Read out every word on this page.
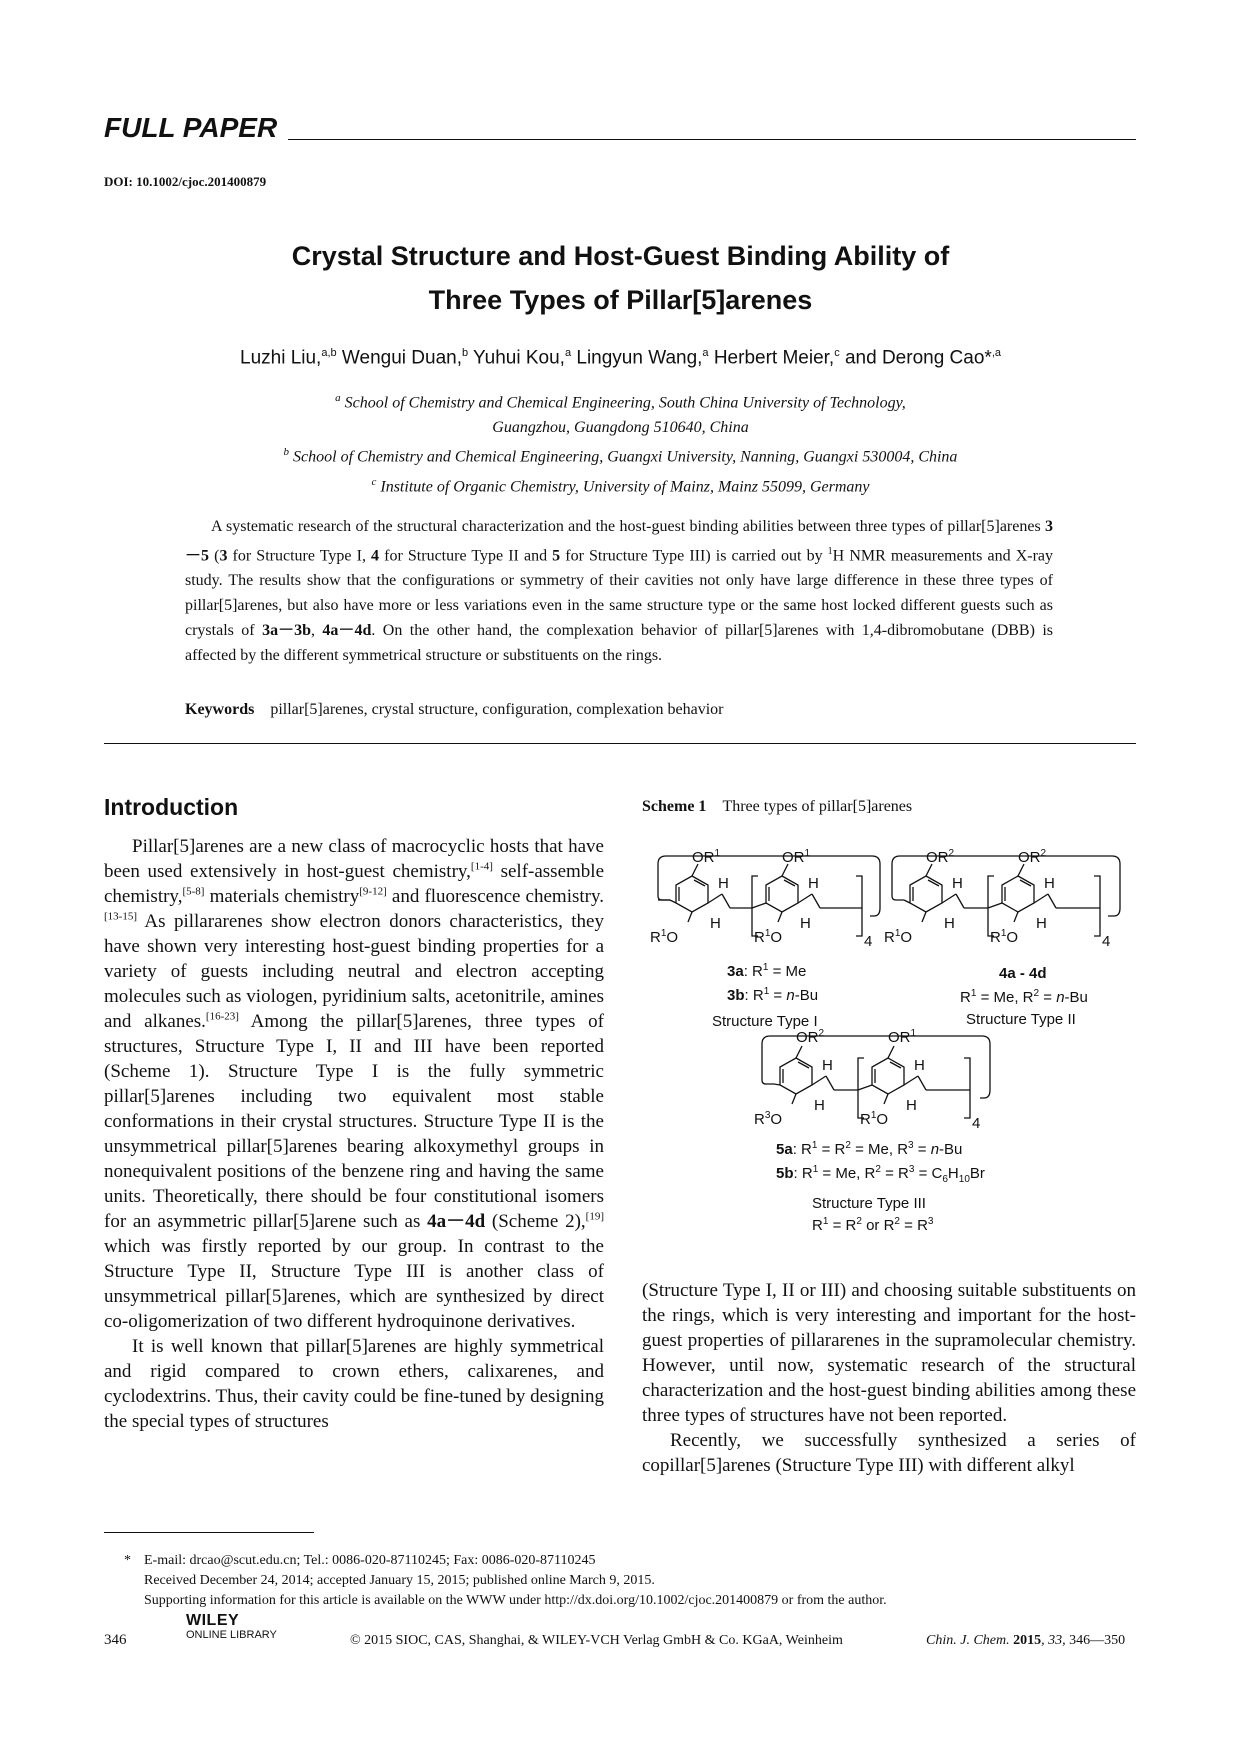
FULL PAPER
DOI: 10.1002/cjoc.201400879
Crystal Structure and Host-Guest Binding Ability of
Three Types of Pillar[5]arenes
Luzhi Liu,$^{a,b}$ Wengui Duan,$^b$ Yuhui Kou,$^a$ Lingyun Wang,$^a$ Herbert Meier,$^c$ and Derong Cao*$^{,a}$
$^a$ School of Chemistry and Chemical Engineering, South China University of Technology,
Guangzhou, Guangdong 510640, China
$^b$ School of Chemistry and Chemical Engineering, Guangxi University, Nanning, Guangxi 530004, China
$^c$ Institute of Organic Chemistry, University of Mainz, Mainz 55099, Germany
A systematic research of the structural characterization and the host-guest binding abilities between three types of pillar[5]arenes 3－5 (3 for Structure Type I, 4 for Structure Type II and 5 for Structure Type III) is carried out by $^1$H NMR measurements and X-ray study. The results show that the configurations or symmetry of their cavities not only have large difference in these three types of pillar[5]arenes, but also have more or less variations even in the same structure type or the same host locked different guests such as crystals of 3a－3b, 4a－4d. On the other hand, the complexation behavior of pillar[5]arenes with 1,4-dibromobutane (DBB) is affected by the different symmetrical structure or substituents on the rings.
Keywords pillar[5]arenes, crystal structure, configuration, complexation behavior
Introduction

Pillar[5]arenes are a new class of macrocyclic hosts that have been used extensively in host-guest chemistry,[1-4] self-assemble chemistry,[5-8] materials chemistry[9-12] and fluorescence chemistry.[13-15] As pillararenes show electron donors characteristics, they have shown very interesting host-guest binding properties for a variety of guests including neutral and electron accepting molecules such as viologen, pyridinium salts, acetonitrile, amines and alkanes.[16-23] Among the pillar[5]arenes, three types of structures, Structure Type I, II and III have been reported (Scheme 1). Structure Type I is the fully symmetric pillar[5]arenes including two equivalent most stable conformations in their crystal structures. Structure Type II is the unsymmetrical pillar[5]arenes bearing alkoxymethyl groups in nonequivalent positions of the benzene ring and having the same units. Theoretically, there should be four constitutional isomers for an asymmetric pillar[5]arene such as 4a－4d (Scheme 2),[19] which was firstly reported by our group. In contrast to the Structure Type II, Structure Type III is another class of unsymmetrical pillar[5]arenes, which are synthesized by direct co-oligomerization of two different hydroquinone derivatives.

It is well known that pillar[5]arenes are highly symmetrical and rigid compared to crown ethers, calixarenes, and cyclodextrins. Thus, their cavity could be fine-tuned by designing the special types of structures

Scheme 1 Three types of pillar[5]arenes
$OR^1$	$OR^1$
H
H
H
H
4
$R^1O$	$R^1O$
3a: $R^1 = Me$
3b: $R^1 = n-Bu$
Structure Type I
$OR^2$	$OR^2$
H
H
H
H
4
$R^1O$	$R^1O$
4a - 4d
$R^1 = Me$, $R^2 = n-Bu$
Structure Type II
$OR^2$	$OR^1$
H
H
H
H
4
$R^3O$	$R^1O$
5a: $R^1 = R^2 = Me$, $R^3 = n-Bu$
5b: $R^1 = Me$, $R^2 = R^3 = C_6H_{10}Br$
Structure Type III
$R^1 = R^2$ or $R^2 = R^3$

(Structure Type I, II or III) and choosing suitable substituents on the rings, which is very interesting and important for the host-guest properties of pillararenes in the supramolecular chemistry. However, until now, systematic research of the structural characterization and the host-guest binding abilities among these three types of structures have not been reported.

Recently, we successfully synthesized a series of copillar[5]arenes (Structure Type III) with different alkyl

* E-mail: drcao@scut.edu.cn; Tel.: 0086-020-87110245; Fax: 0086-020-87110245
Received December 24, 2014; accepted January 15, 2015; published online March 9, 2015.
Supporting information for this article is available on the WWW under http://dx.doi.org/10.1002/cjoc.201400879 or from the author.
346
WILEY
ONLINE LIBRARY	© 2015 SIOC, CAS, Shanghai, & WILEY-VCH Verlag GmbH & Co. KGaA, Weinheim	Chin. J. Chem. 2015, 33, 346—350
